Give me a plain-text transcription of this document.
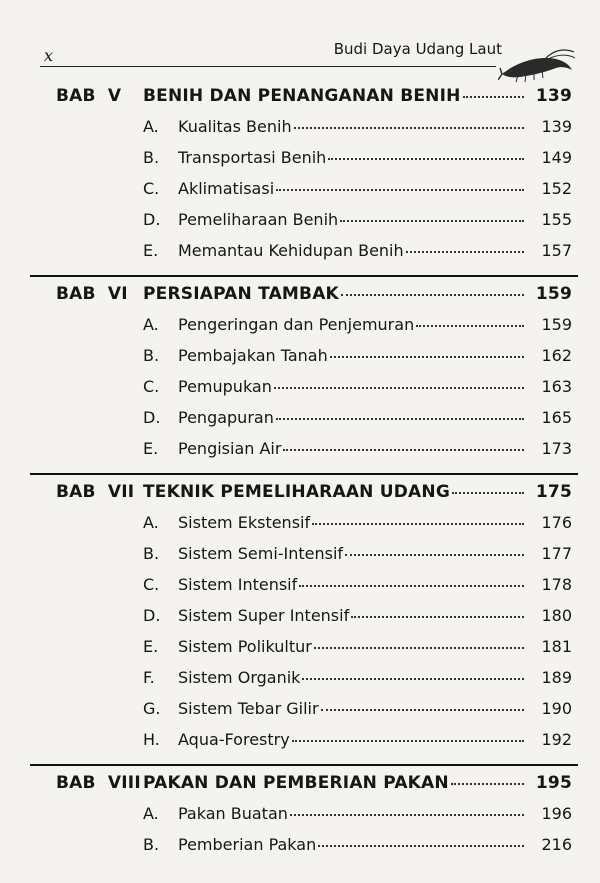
x	Budi Daya Udang Laut
BAB  V BENIH DAN PENANGANAN BENIH	139
A. Kualitas Benih	139
B. Transportasi Benih	149
C. Aklimatisasi	152
D. Pemeliharaan Benih	155
E. Memantau Kehidupan Benih	157
BAB  VI PERSIAPAN TAMBAK	159
A. Pengeringan dan Penjemuran	159
B. Pembajakan Tanah	162
C. Pemupukan	163
D. Pengapuran	165
E. Pengisian Air	173
BAB  VII TEKNIK PEMELIHARAAN UDANG	175
A. Sistem Ekstensif	176
B. Sistem Semi-Intensif	177
C. Sistem Intensif	178
D. Sistem Super Intensif	180
E. Sistem Polikultur	181
F. Sistem Organik	189
G. Sistem Tebar Gilir	190
H. Aqua-Forestry	192
BAB  VIII PAKAN DAN PEMBERIAN PAKAN	195
A. Pakan Buatan	196
B. Pemberian Pakan	216
